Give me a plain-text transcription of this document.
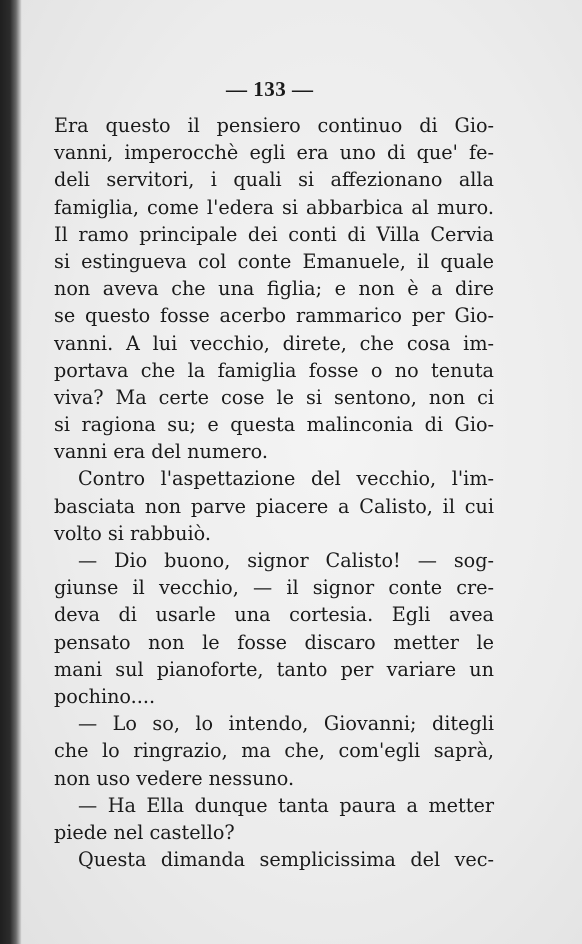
— 133 —
Era questo il pensiero continuo di Gio-
vanni, imperocchè egli era uno di que' fe-
deli servitori, i quali si affezionano alla
famiglia, come l'edera si abbarbica al muro.
Il ramo principale dei conti di Villa Cervia
si estingueva col conte Emanuele, il quale
non aveva che una figlia; e non è a dire
se questo fosse acerbo rammarico per Gio-
vanni. A lui vecchio, direte, che cosa im-
portava che la famiglia fosse o no tenuta
viva? Ma certe cose le si sentono, non ci
si ragiona su; e questa malinconia di Gio-
vanni era del numero.
Contro l'aspettazione del vecchio, l'im-
basciata non parve piacere a Calisto, il cui
volto si rabbuiò.
— Dio buono, signor Calisto! — sog-
giunse il vecchio, — il signor conte cre-
deva di usarle una cortesia. Egli avea
pensato non le fosse discaro metter le
mani sul pianoforte, tanto per variare un
pochino....
— Lo so, lo intendo, Giovanni; ditegli
che lo ringrazio, ma che, com'egli saprà,
non uso vedere nessuno.
— Ha Ella dunque tanta paura a metter
piede nel castello?
Questa dimanda semplicissima del vec-
